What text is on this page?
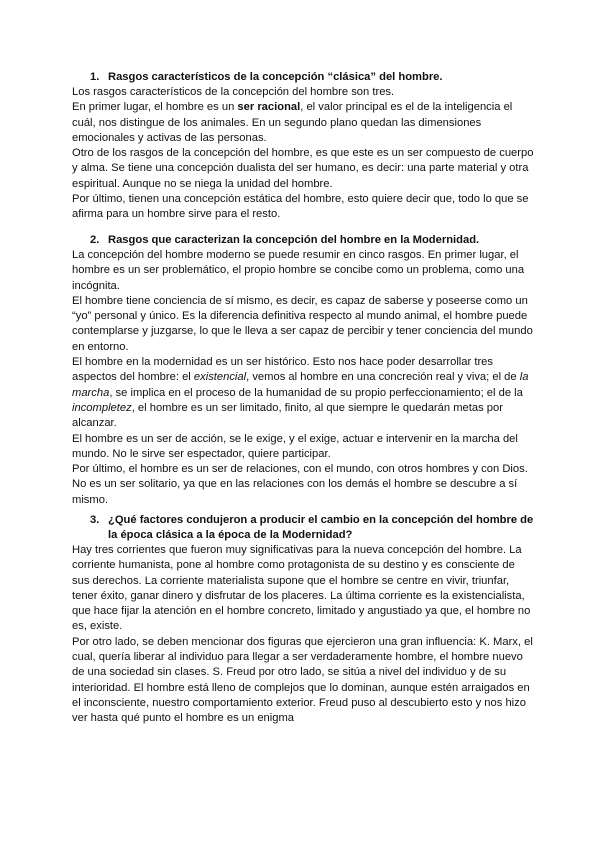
1. Rasgos característicos de la concepción “clásica” del hombre.

Los rasgos característicos de la concepción del hombre son tres.

En primer lugar, el hombre es un ser racional, el valor principal es el de la inteligencia el cuál, nos distingue de los animales. En un segundo plano quedan las dimensiones emocionales y activas de las personas.

Otro de los rasgos de la concepción del hombre, es que este es un ser compuesto de cuerpo y alma. Se tiene una concepción dualista del ser humano, es decir: una parte material y otra espiritual. Aunque no se niega la unidad del hombre.

Por último, tienen una concepción estática del hombre, esto quiere decir que, todo lo que se afirma para un hombre sirve para el resto.

2. Rasgos que caracterizan la concepción del hombre en la Modernidad.

La concepción del hombre moderno se puede resumir en cinco rasgos. En primer lugar, el hombre es un ser problemático, el propio hombre se concibe como un problema, como una incógnita.

El hombre tiene conciencia de sí mismo, es decir, es capaz de saberse y poseerse como un “yo” personal y único. Es la diferencia definitiva respecto al mundo animal, el hombre puede contemplarse y juzgarse, lo que le lleva a ser capaz de percibir y tener conciencia del mundo en entorno.

El hombre en la modernidad es un ser histórico. Esto nos hace poder desarrollar tres aspectos del hombre: el existencial, vemos al hombre en una concreción real y viva; el de la marcha, se implica en el proceso de la humanidad de su propio perfeccionamiento; el de la incompletez, el hombre es un ser limitado, finito, al que siempre le quedarán metas por alcanzar.

El hombre es un ser de acción, se le exige, y el exige, actuar e intervenir en la marcha del mundo. No le sirve ser espectador, quiere participar.

Por último, el hombre es un ser de relaciones, con el mundo, con otros hombres y con Dios. No es un ser solitario, ya que en las relaciones con los demás el hombre se descubre a sí mismo.

3. ¿Qué factores condujeron a producir el cambio en la concepción del hombre de la época clásica a la época de la Modernidad?

Hay tres corrientes que fueron muy significativas para la nueva concepción del hombre. La corriente humanista, pone al hombre como protagonista de su destino y es consciente de sus derechos. La corriente materialista supone que el hombre se centre en vivir, triunfar, tener éxito, ganar dinero y disfrutar de los placeres. La última corriente es la existencialista, que hace fijar la atención en el hombre concreto, limitado y angustiado ya que, el hombre no es, existe.

Por otro lado, se deben mencionar dos figuras que ejercieron una gran influencia: K. Marx, el cual, quería liberar al individuo para llegar a ser verdaderamente hombre, el hombre nuevo de una sociedad sin clases. S. Freud por otro lado, se sitúa a nivel del individuo y de su interioridad. El hombre está lleno de complejos que lo dominan, aunque estén arraigados en el inconsciente, nuestro comportamiento exterior. Freud puso al descubierto esto y nos hizo ver hasta qué punto el hombre es un enigma
